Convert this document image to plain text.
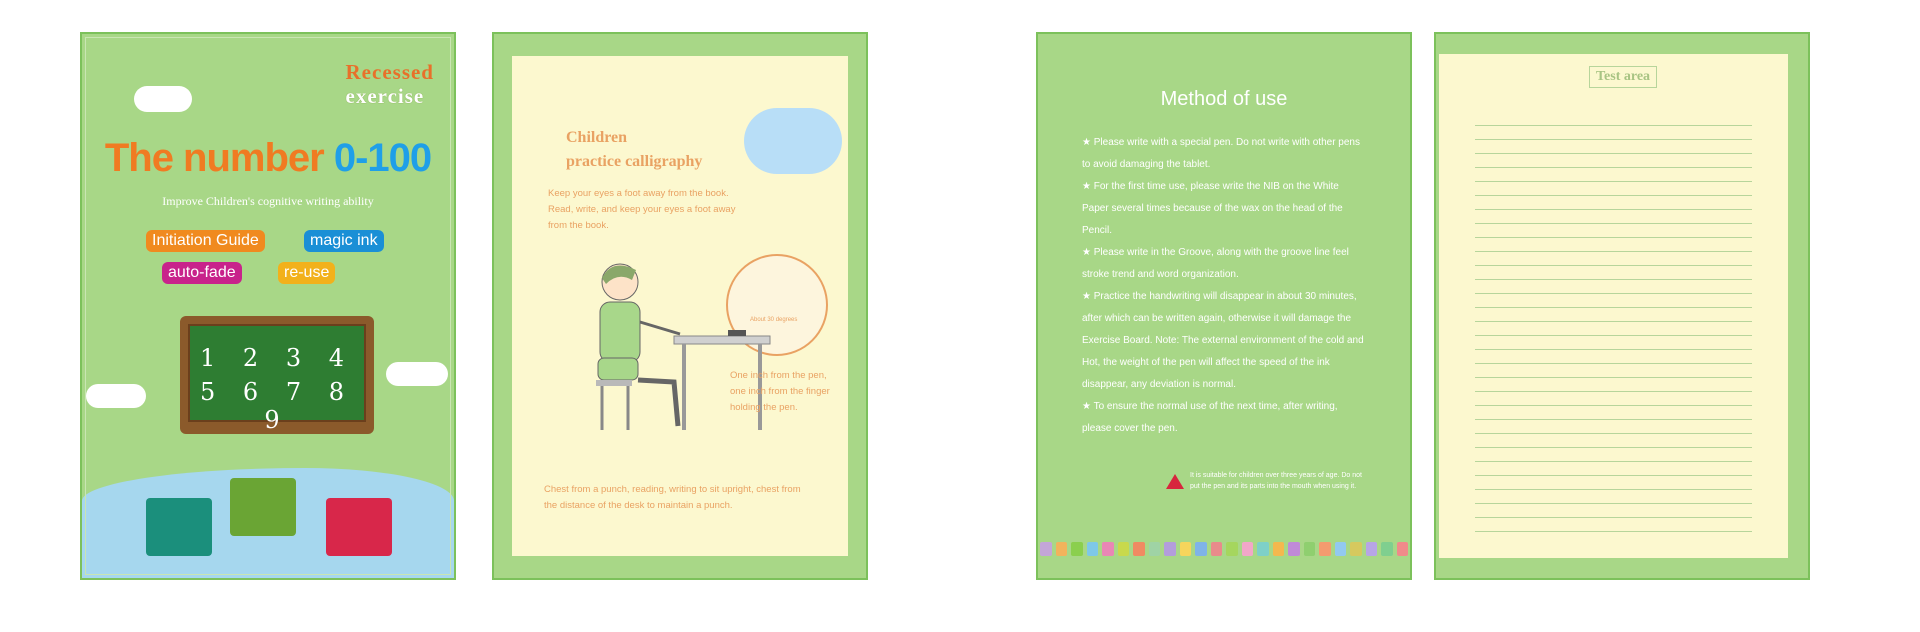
Recessed
exercise
The number 0-100
Improve Children's cognitive writing ability
Initiation Guide	magic ink
auto-fade	re-use
1 2 3 4
5 6 7 8 9
Children
practice calligraphy
Keep your eyes a foot away from the book. Read, write, and keep your eyes a foot away from the book.
About 30 degrees
One inch from the pen, one inch from the finger holding the pen.
Chest from a punch, reading, writing to sit upright, chest from the distance of the desk to maintain a punch.
Method of use
★ Please write with a special pen. Do not write with other pens to avoid damaging the tablet.
★ For the first time use, please write the NIB on the White Paper several times because of the wax on the head of the Pencil.
★ Please write in the Groove, along with the groove line feel stroke trend and word organization.
★ Practice the handwriting will disappear in about 30 minutes, after which can be written again, otherwise it will damage the Exercise Board. Note: The external environment of the cold and Hot, the weight of the pen will affect the speed of the ink disappear, any deviation is normal.
★ To ensure the normal use of the next time, after writing, please cover the pen.
It is suitable for children over three years of age. Do not put the pen and its parts into the mouth when using it.
Test area
